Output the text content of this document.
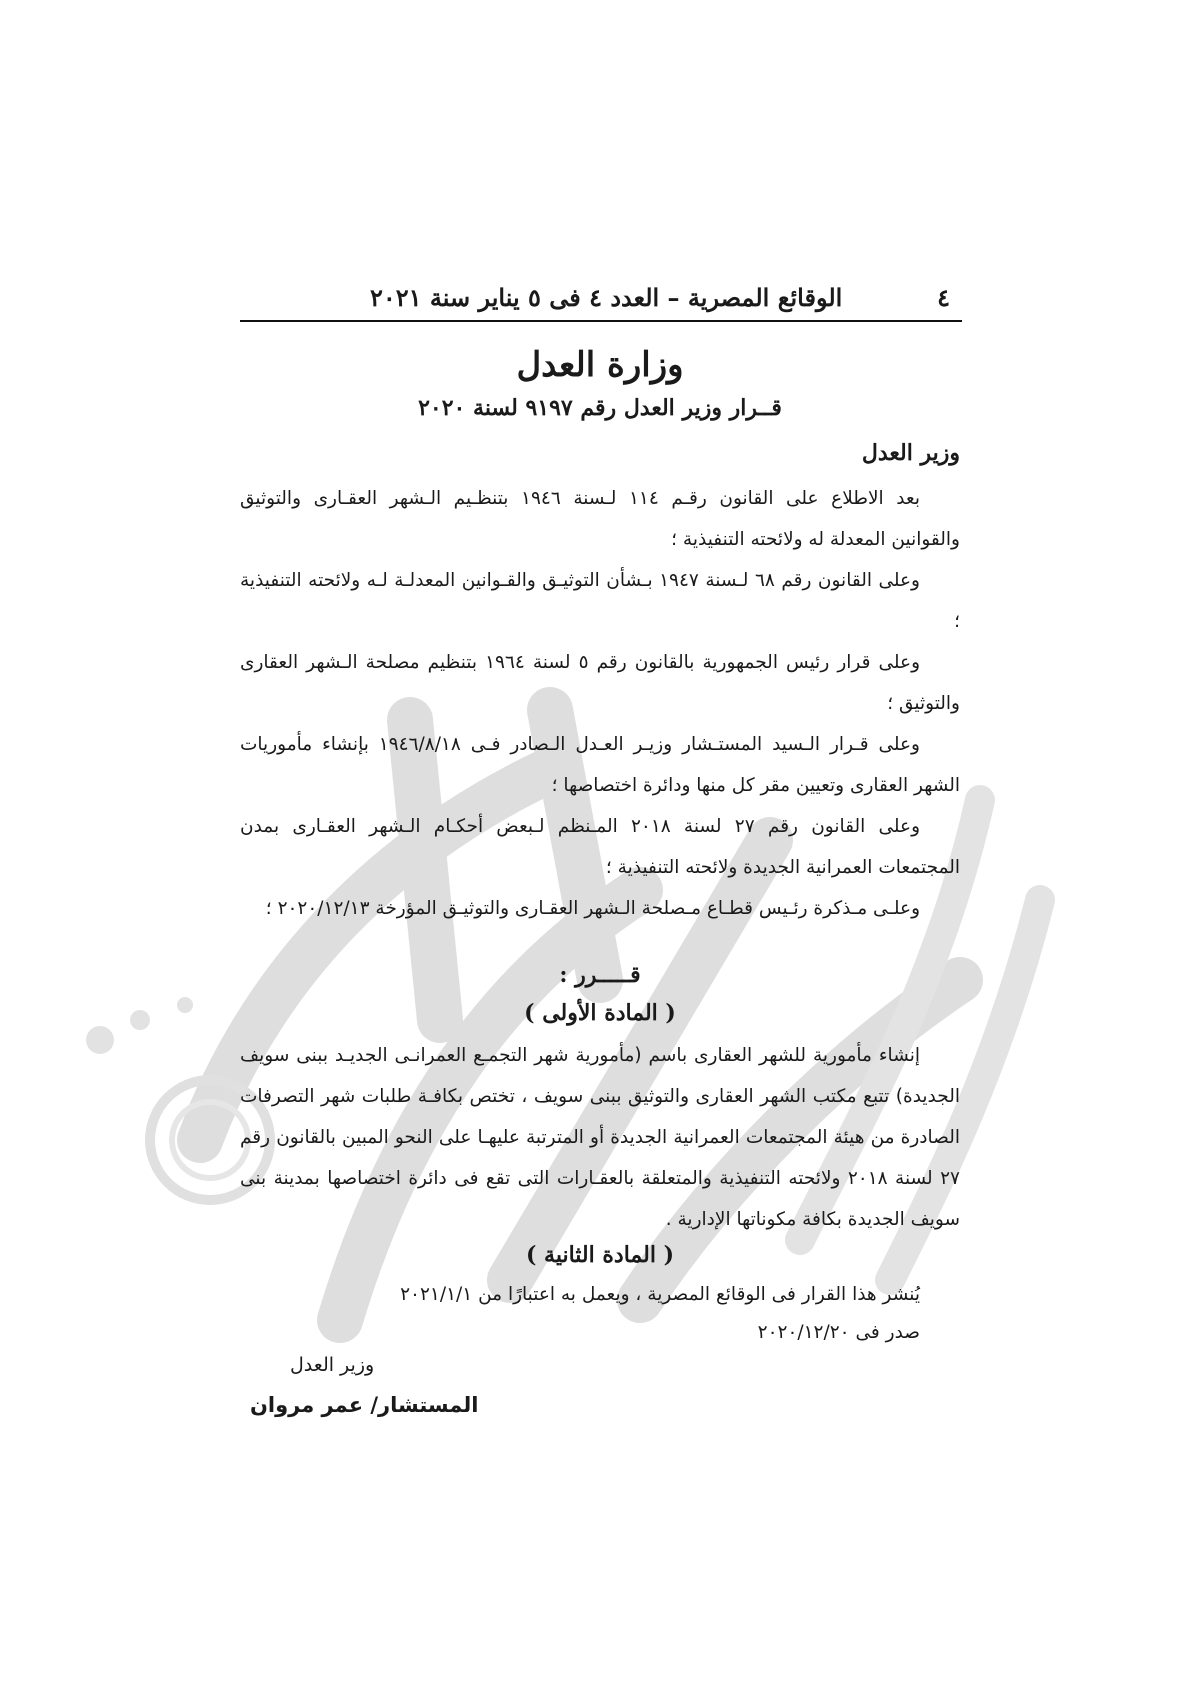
٤
الوقائع المصرية – العدد ٤ فى ٥ يناير سنة ٢٠٢١
وزارة العدل
قــرار وزير العدل رقم ٩١٩٧ لسنة ٢٠٢٠
وزير العدل

بعد الاطلاع على القانون رقـم ١١٤ لـسنة ١٩٤٦ بتنظـيم الـشهر العقـارى والتوثيق والقوانين المعدلة له ولائحته التنفيذية ؛

وعلى القانون رقم ٦٨ لـسنة ١٩٤٧ بـشأن التوثيـق والقـوانين المعدلـة لـه ولائحته التنفيذية ؛

وعلى قرار رئيس الجمهورية بالقانون رقم ٥ لسنة ١٩٦٤ بتنظيم مصلحة الـشهر العقارى والتوثيق ؛

وعلى قـرار الـسيد المستـشار وزيـر العـدل الـصادر فـى ١٩٤٦/٨/١٨ بإنشاء مأموريات الشهر العقارى وتعيين مقر كل منها ودائرة اختصاصها ؛

وعلى القانون رقم ٢٧ لسنة ٢٠١٨ المـنظم لـبعض أحكـام الـشهر العقـارى بمدن المجتمعات العمرانية الجديدة ولائحته التنفيذية ؛

وعلـى مـذكرة رئـيس قطـاع مـصلحة الـشهر العقـارى والتوثيـق المؤرخة ٢٠٢٠/١٢/١٣ ؛

قـــــرر :
( المادة الأولى )

إنشاء مأمورية للشهر العقارى باسم (مأمورية شهر التجمـع العمرانـى الجديـد ببنى سويف الجديدة) تتبع مكتب الشهر العقارى والتوثيق ببنى سويف ، تختص بكافـة طلبات شهر التصرفات الصادرة من هيئة المجتمعات العمرانية الجديدة أو المترتبة عليهـا على النحو المبين بالقانون رقم ٢٧ لسنة ٢٠١٨ ولائحته التنفيذية والمتعلقة بالعقـارات التى تقع فى دائرة اختصاصها بمدينة بنى سويف الجديدة بكافة مكوناتها الإدارية .

( المادة الثانية )

يُنشر هذا القرار فى الوقائع المصرية ، ويعمل به اعتبارًا من ٢٠٢١/١/١

صدر فى ٢٠٢٠/١٢/٢٠

وزير العدل
المستشار/ عمر مروان
